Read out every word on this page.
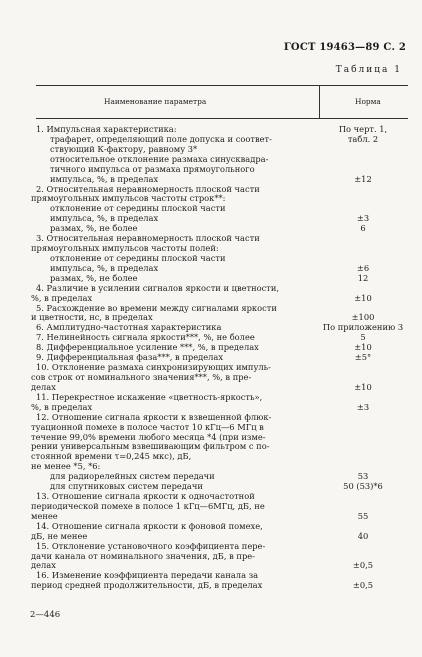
ГОСТ 19463—89 С. 2
Таблица 1
Наименование параметра	Норма
1. Импульсная характеристика:	По черт. 1,
трафарет, определяющий поле допуска и соответ-	табл. 2
ствующий К-фактору, равному 3*
относительное отклонение размаха синусквадра-
тичного импульса от размаха прямоугольного
импульса, %, в пределах	±12
2. Относительная неравномерность плоской части
прямоугольных импульсов частоты строк**:
отклонение от середины плоской части
импульса, %, в пределах	±3
размах, %, не более	6
3. Относительная неравномерность плоской части
прямоугольных импульсов частоты полей:
отклонение от середины плоской части
импульса, %, в пределах	±6
размах, %, не более	12
4. Различие в усилении сигналов яркости и цветности,
%, в пределах	±10
5. Расхождение во времени между сигналами яркости
и цветности, нс, в пределах	±100
6. Амплитудно-частотная характеристика	По приложению 3
7. Нелинейность сигнала яркости***, %, не более	5
8. Дифференциальное усиление ***, %, в пределах	±10
9. Дифференциальная фаза***, в пределах	±5°
10. Отклонение размаха синхронизирующих импуль-
сов строк от номинального значения***, %, в пре-
делах	±10
11. Перекрестное искажение «цветность-яркость»,
%, в пределах	±3
12. Отношение сигнала яркости к взвешенной флюк-
туационной помехе в полосе частот 10 кГц—6 МГц в
течение 99,0% времени любого месяца *4 (при изме-
рении универсальным взвешивающим фильтром с по-
стоянной времени τ=0,245 мкс), дБ,
не менее *5, *6:
для радиорелейных систем передачи	53
для спутниковых систем передачи	50 (53)*6
13. Отношение сигнала яркости к одночастотной
периодической помехе в полосе 1 кГц—6МГц, дБ, не
менее	55
14. Отношение сигнала яркости к фоновой помехе,
дБ, не менее	40
15. Отклонение установочного коэффициента пере-
дачи канала от номинального значения, дБ, в пре-
делах	±0,5
16. Изменение коэффициента передачи канала за
период средней продолжительности, дБ, в пределах	±0,5
2—446
